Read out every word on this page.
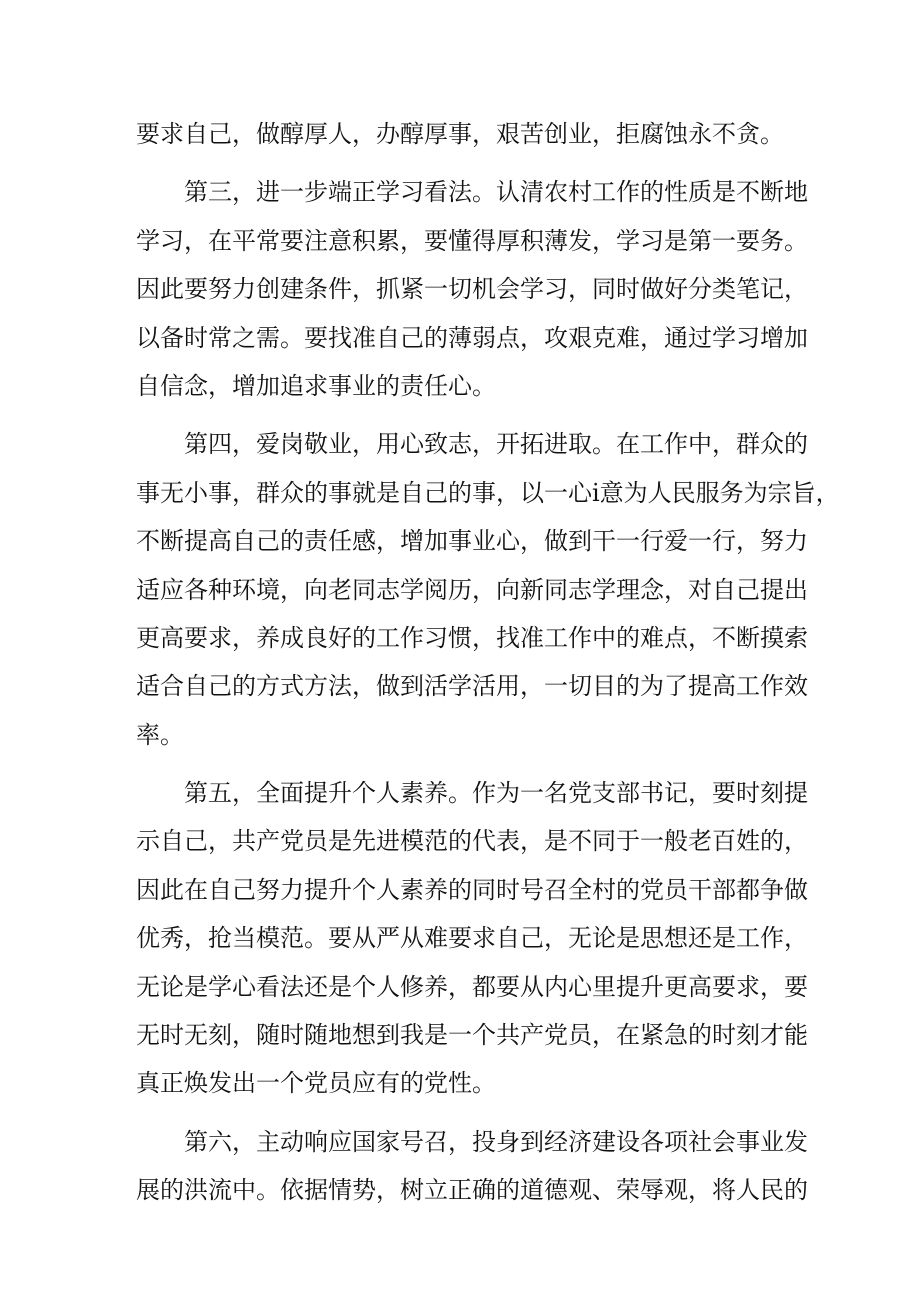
要求自己，做醇厚人，办醇厚事，艰苦创业，拒腐蚀永不贪。
第三，进一步端正学习看法。认清农村工作的性质是不断地
学习，在平常要注意积累，要懂得厚积薄发，学习是第一要务。
因此要努力创建条件，抓紧一切机会学习，同时做好分类笔记，
以备时常之需。要找准自己的薄弱点，攻艰克难，通过学习增加
自信念，增加追求事业的责任心。
第四，爱岗敬业，用心致志，开拓进取。在工作中，群众的
事无小事，群众的事就是自己的事，以一心i意为人民服务为宗旨，
不断提高自己的责任感，增加事业心，做到干一行爱一行，努力
适应各种环境，向老同志学阅历，向新同志学理念，对自己提出
更高要求，养成良好的工作习惯，找准工作中的难点，不断摸索
适合自己的方式方法，做到活学活用，一切目的为了提高工作效
率。
第五，全面提升个人素养。作为一名党支部书记，要时刻提
示自己，共产党员是先进模范的代表，是不同于一般老百姓的，
因此在自己努力提升个人素养的同时号召全村的党员干部都争做
优秀，抢当模范。要从严从难要求自己，无论是思想还是工作，
无论是学心看法还是个人修养，都要从内心里提升更高要求，要
无时无刻，随时随地想到我是一个共产党员，在紧急的时刻才能
真正焕发出一个党员应有的党性。
第六，主动响应国家号召，投身到经济建设各项社会事业发
展的洪流中。依据情势，树立正确的道德观、荣辱观，将人民的
